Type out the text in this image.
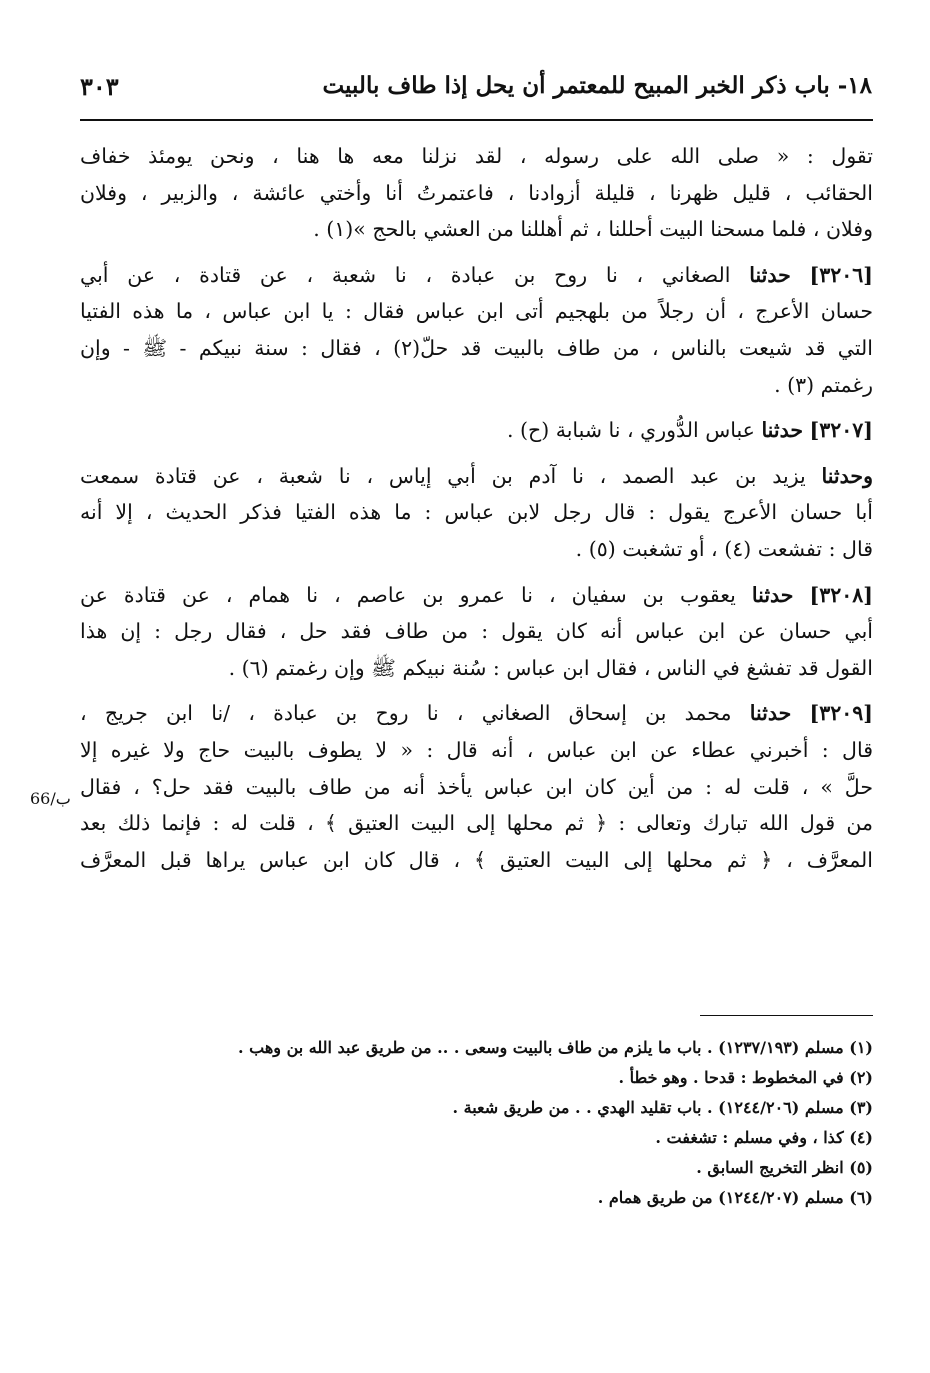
١٨- باب ذكر الخبر المبيح للمعتمر أن يحل إذا طاف بالبيت
٣٠٣
66/ب
تقول : « صلى الله على رسوله ، لقد نزلنا معه ها هنا ، ونحن يومئذ خفاف
الحقائب ، قليل ظهرنا ، قليلة أزوادنا ، فاعتمرتُ أنا وأختي عائشة ، والزبير ، وفلان
وفلان ، فلما مسحنا البيت أحللنا ، ثم أهللنا من العشي بالحج »(١) .
[٣٢٠٦] حدثنا الصغاني ، نا روح بن عبادة ، نا شعبة ، عن قتادة ، عن أبي
حسان الأعرج ، أن رجلاً من بلهجيم أتى ابن عباس فقال : يا ابن عباس ، ما هذه الفتيا
التي قد شيعت بالناس ، من طاف بالبيت قد حلّ(٢) ، فقال : سنة نبيكم - ﷺ - وإن
رغمتم (٣) .
[٣٢٠٧] حدثنا عباس الدُّوري ، نا شبابة (ح) .
وحدثنا يزيد بن عبد الصمد ، نا آدم بن أبي إياس ، نا شعبة ، عن قتادة سمعت
أبا حسان الأعرج يقول : قال رجل لابن عباس : ما هذه الفتيا فذكر الحديث ، إلا أنه
قال : تفشعت (٤) ، أو تشغبت (٥) .
[٣٢٠٨] حدثنا يعقوب بن سفيان ، نا عمرو بن عاصم ، نا همام ، عن قتادة عن
أبي حسان عن ابن عباس أنه كان يقول : من طاف فقد حل ، فقال رجل : إن هذا
القول قد تفشغ في الناس ، فقال ابن عباس : سُنة نبيكم ﷺ وإن رغمتم (٦) .
[٣٢٠٩] حدثنا محمد بن إسحاق الصغاني ، نا روح بن عبادة ، /نا ابن جريج ،
قال : أخبرني عطاء عن ابن عباس ، أنه قال : « لا يطوف بالبيت حاج ولا غيره إلا
حلَّ » ، قلت له : من أين كان ابن عباس يأخذ أنه من طاف بالبيت فقد حل؟ ، فقال
من قول الله تبارك وتعالى : ﴿ ثم محلها إلى البيت العتيق ﴾ ، قلت له : فإنما ذلك بعد
المعرَّف ، ﴿ ثم محلها إلى البيت العتيق ﴾ ، قال كان ابن عباس يراها قبل المعرَّف
(١) مسلم (١٢٣٧/١٩٣) . باب ما يلزم من طاف بالبيت وسعى . .. من طريق عبد الله بن وهب .
(٢) في المخطوط : قدحا . وهو خطأ .
(٣) مسلم (١٢٤٤/٢٠٦) . باب تقليد الهدي . . من طريق شعبة .
(٤) كذا ، وفي مسلم : تشغفت .
(٥) انظر التخريج السابق .
(٦) مسلم (١٢٤٤/٢٠٧) من طريق همام .
